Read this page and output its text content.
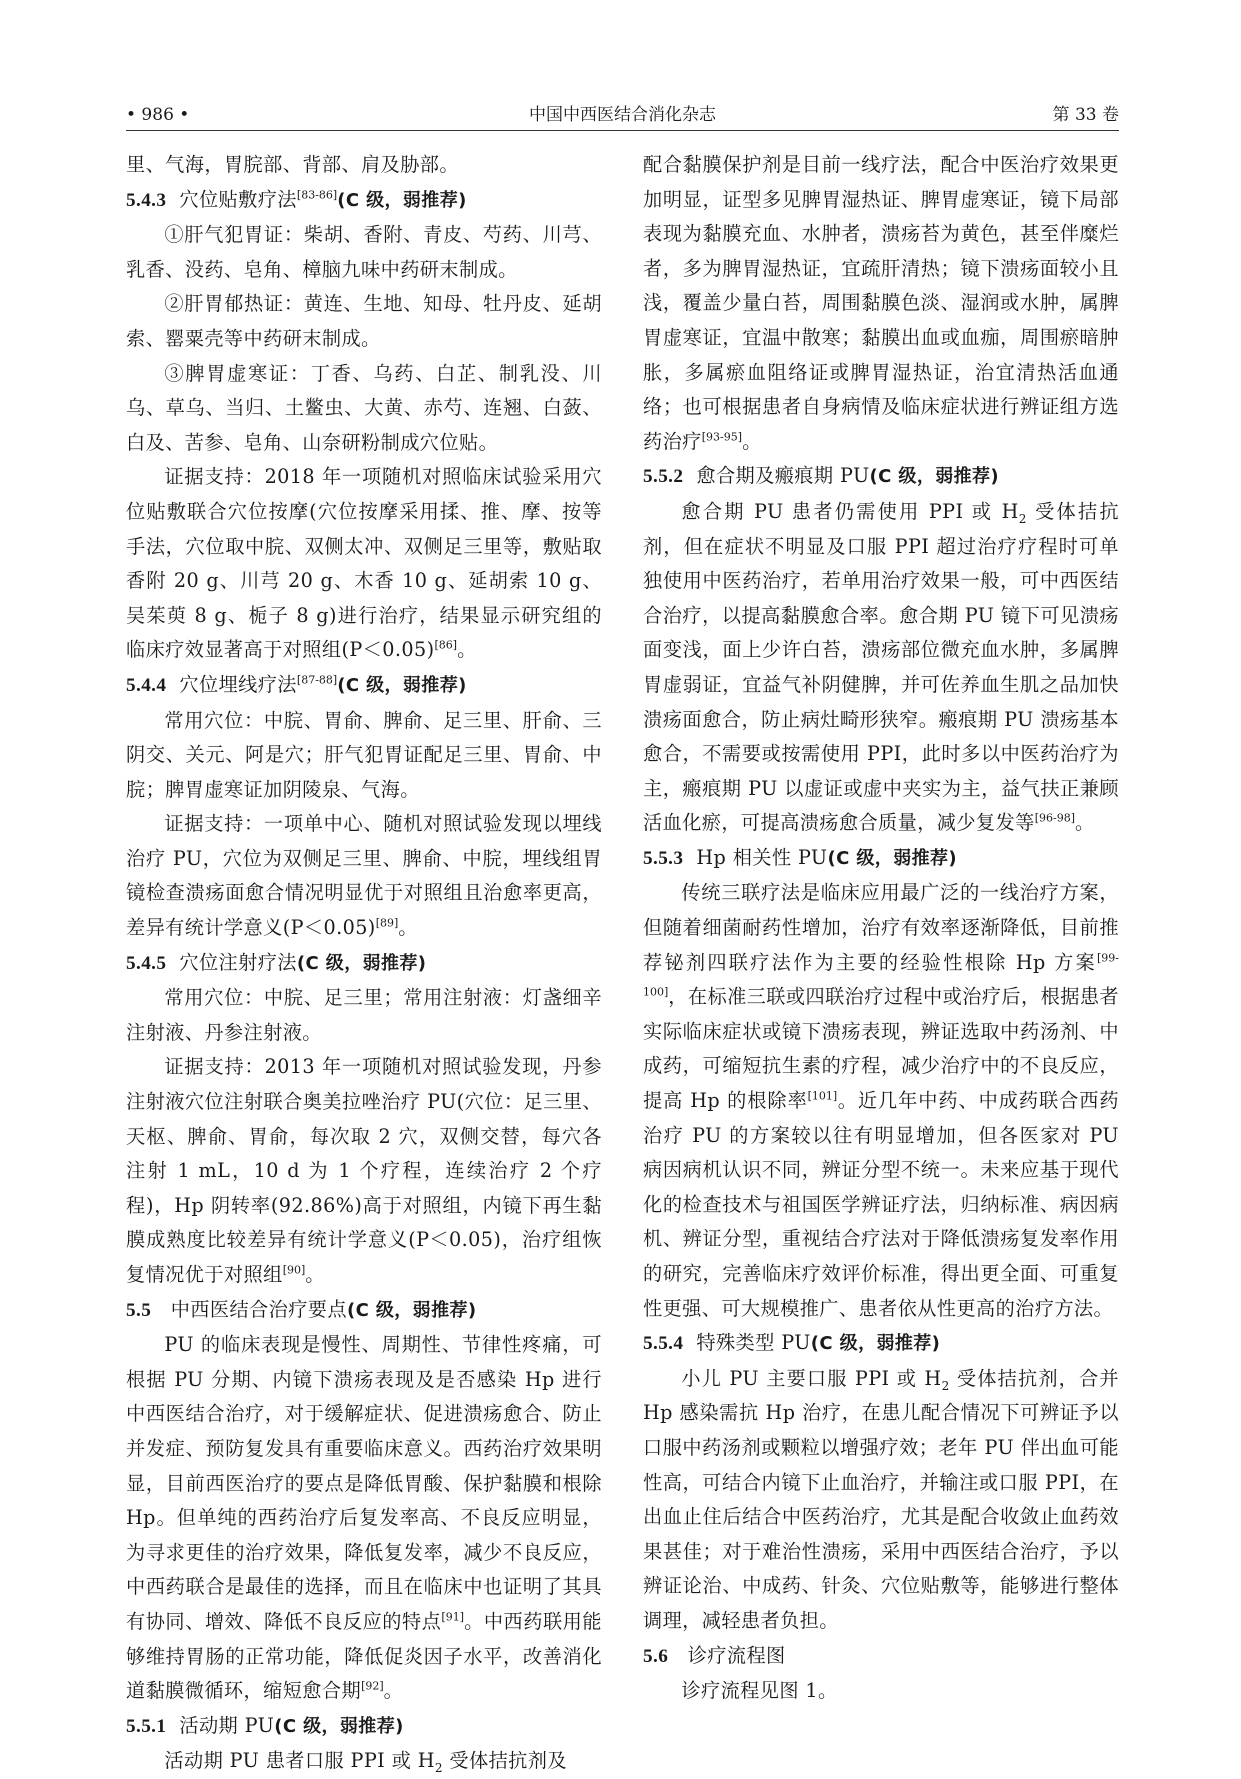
• 986 •	中国中西医结合消化杂志	第 33 卷

里、气海，胃脘部、背部、肩及胁部。

5.4.3 穴位贴敷疗法[83-86](C 级，弱推荐)

①肝气犯胃证：柴胡、香附、青皮、芍药、川芎、乳香、没药、皂角、樟脑九味中药研末制成。

②肝胃郁热证：黄连、生地、知母、牡丹皮、延胡索、罂粟壳等中药研末制成。

③脾胃虚寒证：丁香、乌药、白芷、制乳没、川乌、草乌、当归、土鳖虫、大黄、赤芍、连翘、白蔹、白及、苦参、皂角、山奈研粉制成穴位贴。

证据支持：2018 年一项随机对照临床试验采用穴位贴敷联合穴位按摩(穴位按摩采用揉、推、摩、按等手法，穴位取中脘、双侧太冲、双侧足三里等，敷贴取香附 20 g、川芎 20 g、木香 10 g、延胡索 10 g、吴茱萸 8 g、栀子 8 g)进行治疗，结果显示研究组的临床疗效显著高于对照组(P＜0.05)[86]。

5.4.4 穴位埋线疗法[87-88](C 级，弱推荐)

常用穴位：中脘、胃俞、脾俞、足三里、肝俞、三阴交、关元、阿是穴；肝气犯胃证配足三里、胃俞、中脘；脾胃虚寒证加阴陵泉、气海。

证据支持：一项单中心、随机对照试验发现以埋线治疗 PU，穴位为双侧足三里、脾俞、中脘，埋线组胃镜检查溃疡面愈合情况明显优于对照组且治愈率更高，差异有统计学意义(P＜0.05)[89]。

5.4.5 穴位注射疗法(C 级，弱推荐)

常用穴位：中脘、足三里；常用注射液：灯盏细辛注射液、丹参注射液。

证据支持：2013 年一项随机对照试验发现，丹参注射液穴位注射联合奥美拉唑治疗 PU(穴位：足三里、天枢、脾俞、胃俞，每次取 2 穴，双侧交替，每穴各注射 1 mL，10 d 为 1 个疗程，连续治疗 2 个疗程)，Hp 阴转率(92.86%)高于对照组，内镜下再生黏膜成熟度比较差异有统计学意义(P＜0.05)，治疗组恢复情况优于对照组[90]。

5.5 中西医结合治疗要点(C 级，弱推荐)

PU 的临床表现是慢性、周期性、节律性疼痛，可根据 PU 分期、内镜下溃疡表现及是否感染 Hp 进行中西医结合治疗，对于缓解症状、促进溃疡愈合、防止并发症、预防复发具有重要临床意义。西药治疗效果明显，目前西医治疗的要点是降低胃酸、保护黏膜和根除 Hp。但单纯的西药治疗后复发率高、不良反应明显，为寻求更佳的治疗效果，降低复发率，减少不良反应，中西药联合是最佳的选择，而且在临床中也证明了其具有协同、增效、降低不良反应的特点[91]。中西药联用能够维持胃肠的正常功能，降低促炎因子水平，改善消化道黏膜微循环，缩短愈合期[92]。

5.5.1 活动期 PU(C 级，弱推荐)

活动期 PU 患者口服 PPI 或 $H_2$ 受体拮抗剂及

配合黏膜保护剂是目前一线疗法，配合中医治疗效果更加明显，证型多见脾胃湿热证、脾胃虚寒证，镜下局部表现为黏膜充血、水肿者，溃疡苔为黄色，甚至伴糜烂者，多为脾胃湿热证，宜疏肝清热；镜下溃疡面较小且浅，覆盖少量白苔，周围黏膜色淡、湿润或水肿，属脾胃虚寒证，宜温中散寒；黏膜出血或血痂，周围瘀暗肿胀，多属瘀血阻络证或脾胃湿热证，治宜清热活血通络；也可根据患者自身病情及临床症状进行辨证组方选药治疗[93-95]。

5.5.2 愈合期及瘢痕期 PU(C 级，弱推荐)

愈合期 PU 患者仍需使用 PPI 或 $H_2$ 受体拮抗剂，但在症状不明显及口服 PPI 超过治疗疗程时可单独使用中医药治疗，若单用治疗效果一般，可中西医结合治疗，以提高黏膜愈合率。愈合期 PU 镜下可见溃疡面变浅，面上少许白苔，溃疡部位微充血水肿，多属脾胃虚弱证，宜益气补阴健脾，并可佐养血生肌之品加快溃疡面愈合，防止病灶畸形狭窄。瘢痕期 PU 溃疡基本愈合，不需要或按需使用 PPI，此时多以中医药治疗为主，瘢痕期 PU 以虚证或虚中夹实为主，益气扶正兼顾活血化瘀，可提高溃疡愈合质量，减少复发等[96-98]。

5.5.3 Hp 相关性 PU(C 级，弱推荐)

传统三联疗法是临床应用最广泛的一线治疗方案，但随着细菌耐药性增加，治疗有效率逐渐降低，目前推荐铋剂四联疗法作为主要的经验性根除 Hp 方案[99-100]，在标准三联或四联治疗过程中或治疗后，根据患者实际临床症状或镜下溃疡表现，辨证选取中药汤剂、中成药，可缩短抗生素的疗程，减少治疗中的不良反应，提高 Hp 的根除率[101]。近几年中药、中成药联合西药治疗 PU 的方案较以往有明显增加，但各医家对 PU 病因病机认识不同，辨证分型不统一。未来应基于现代化的检查技术与祖国医学辨证疗法，归纳标准、病因病机、辨证分型，重视结合疗法对于降低溃疡复发率作用的研究，完善临床疗效评价标准，得出更全面、可重复性更强、可大规模推广、患者依从性更高的治疗方法。

5.5.4 特殊类型 PU(C 级，弱推荐)

小儿 PU 主要口服 PPI 或 $H_2$ 受体拮抗剂，合并 Hp 感染需抗 Hp 治疗，在患儿配合情况下可辨证予以口服中药汤剂或颗粒以增强疗效；老年 PU 伴出血可能性高，可结合内镜下止血治疗，并输注或口服 PPI，在出血止住后结合中医药治疗，尤其是配合收敛止血药效果甚佳；对于难治性溃疡，采用中西医结合治疗，予以辨证论治、中成药、针灸、穴位贴敷等，能够进行整体调理，减轻患者负担。

5.6 诊疗流程图

诊疗流程见图 1。
